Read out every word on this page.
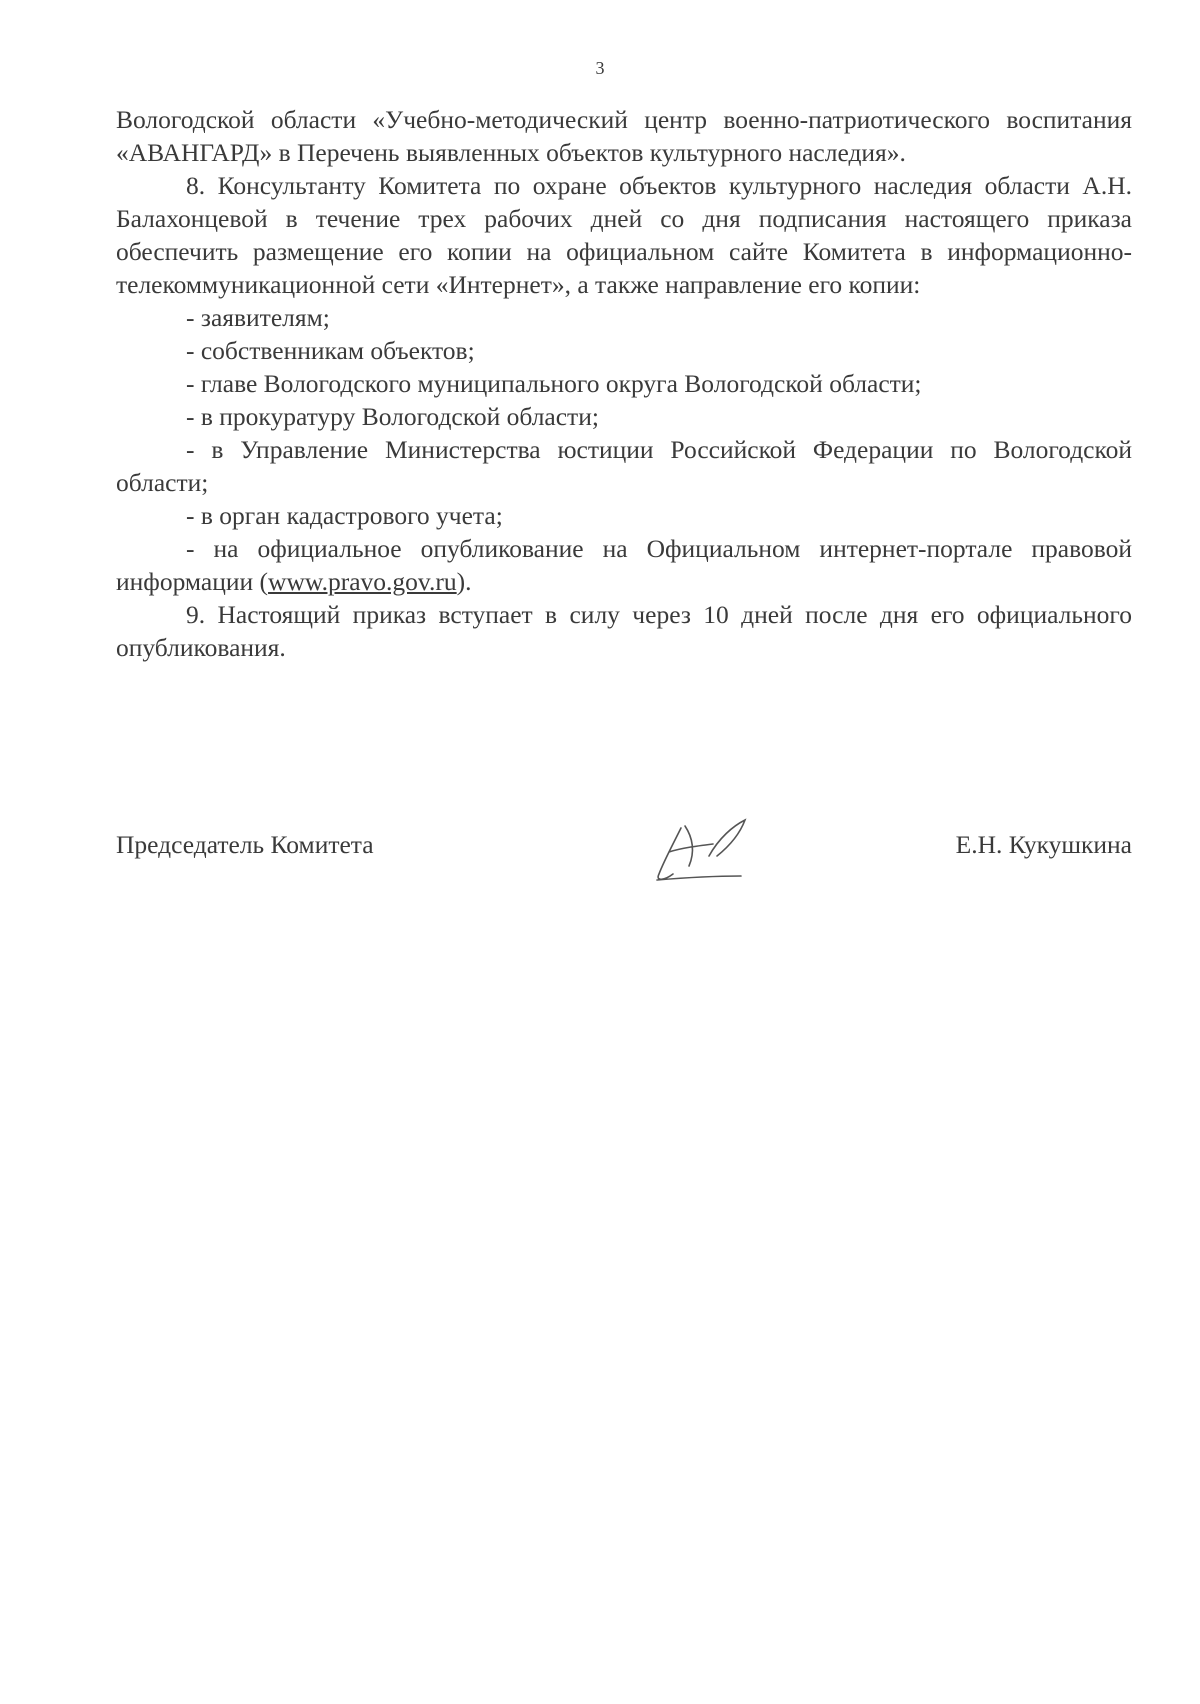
3

Вологодской области «Учебно-методический центр военно-патриотического воспитания «АВАНГАРД» в Перечень выявленных объектов культурного наследия».

8. Консультанту Комитета по охране объектов культурного наследия области А.Н. Балахонцевой в течение трех рабочих дней со дня подписания настоящего приказа обеспечить размещение его копии на официальном сайте Комитета в информационно-телекоммуникационной сети «Интернет», а также направление его копии:

- заявителям;

- собственникам объектов;

- главе Вологодского муниципального округа Вологодской области;

- в прокуратуру Вологодской области;

- в Управление Министерства юстиции Российской Федерации по Вологодской области;

- в орган кадастрового учета;

- на официальное опубликование на Официальном интернет-портале правовой информации (www.pravo.gov.ru).

9. Настоящий приказ вступает в силу через 10 дней после дня его официального опубликования.

Председатель Комитета	Е.Н. Кукушкина
